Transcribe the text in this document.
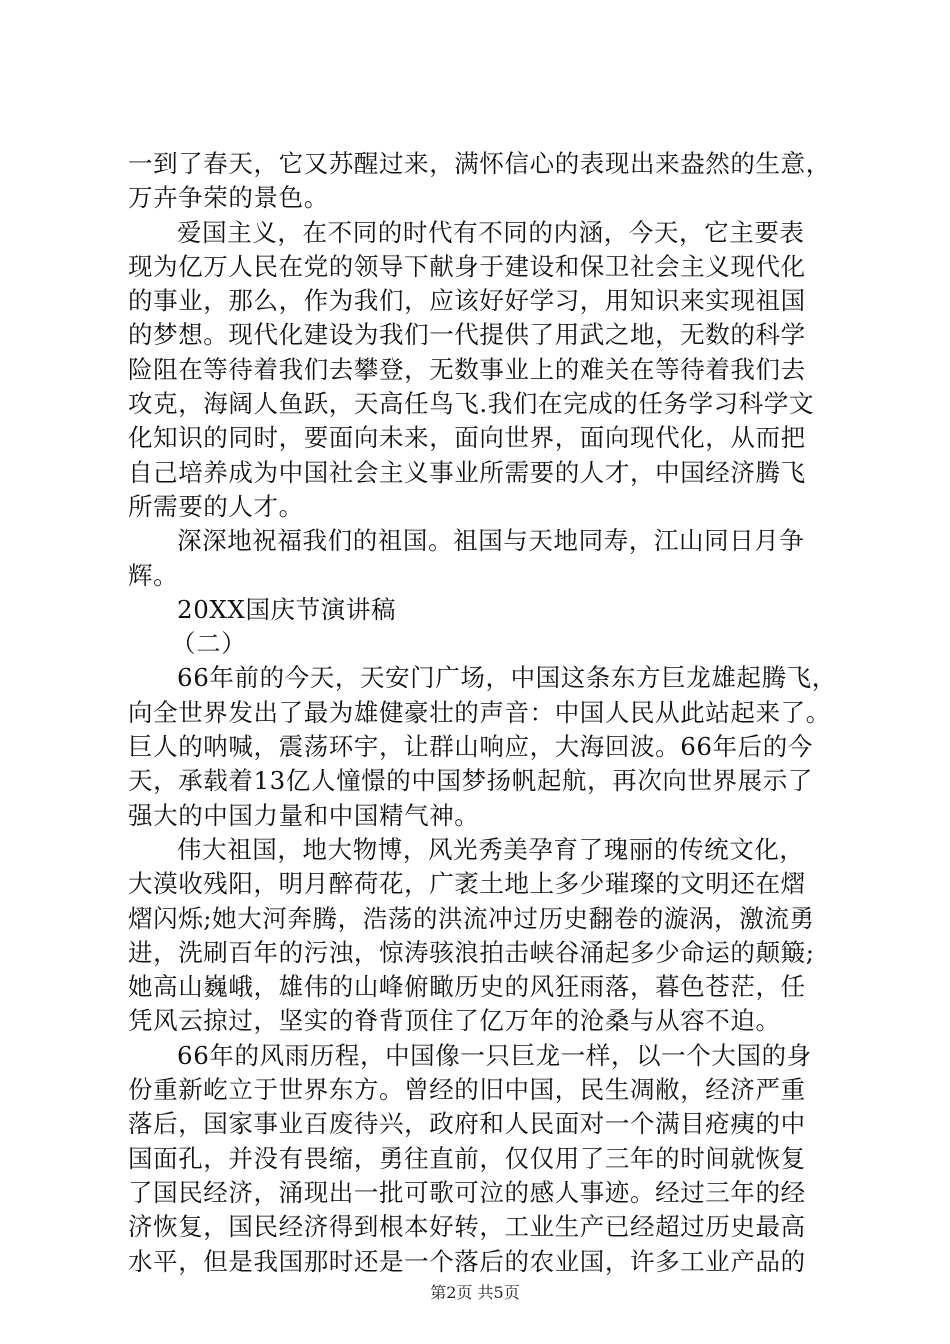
一到了春天，它又苏醒过来，满怀信心的表现出来盎然的生意，
万卉争荣的景色。
爱国主义，在不同的时代有不同的内涵，今天，它主要表
现为亿万人民在党的领导下献身于建设和保卫社会主义现代化
的事业，那么，作为我们，应该好好学习，用知识来实现祖国
的梦想。现代化建设为我们一代提供了用武之地，无数的科学
险阻在等待着我们去攀登，无数事业上的难关在等待着我们去
攻克，海阔人鱼跃，天高任鸟飞.我们在完成的任务学习科学文
化知识的同时，要面向未来，面向世界，面向现代化，从而把
自己培养成为中国社会主义事业所需要的人才，中国经济腾飞
所需要的人才。
深深地祝福我们的祖国。祖国与天地同寿，江山同日月争
辉。
20XX国庆节演讲稿
（二）
66年前的今天，天安门广场，中国这条东方巨龙雄起腾飞，
向全世界发出了最为雄健豪壮的声音：中国人民从此站起来了。
巨人的呐喊，震荡环宇，让群山响应，大海回波。66年后的今
天，承载着13亿人憧憬的中国梦扬帆起航，再次向世界展示了
强大的中国力量和中国精气神。
伟大祖国，地大物博，风光秀美孕育了瑰丽的传统文化，
大漠收残阳，明月醉荷花，广袤土地上多少璀璨的文明还在熠
熠闪烁;她大河奔腾，浩荡的洪流冲过历史翻卷的漩涡，激流勇
进，洗刷百年的污浊，惊涛骇浪拍击峡谷涌起多少命运的颠簸;
她高山巍峨，雄伟的山峰俯瞰历史的风狂雨落，暮色苍茫，任
凭风云掠过，坚实的脊背顶住了亿万年的沧桑与从容不迫。
66年的风雨历程，中国像一只巨龙一样，以一个大国的身
份重新屹立于世界东方。曾经的旧中国，民生凋敝，经济严重
落后，国家事业百废待兴，政府和人民面对一个满目疮痍的中
国面孔，并没有畏缩，勇往直前，仅仅用了三年的时间就恢复
了国民经济，涌现出一批可歌可泣的感人事迹。经过三年的经
济恢复，国民经济得到根本好转，工业生产已经超过历史最高
水平，但是我国那时还是一个落后的农业国，许多工业产品的
第2页 共5页
